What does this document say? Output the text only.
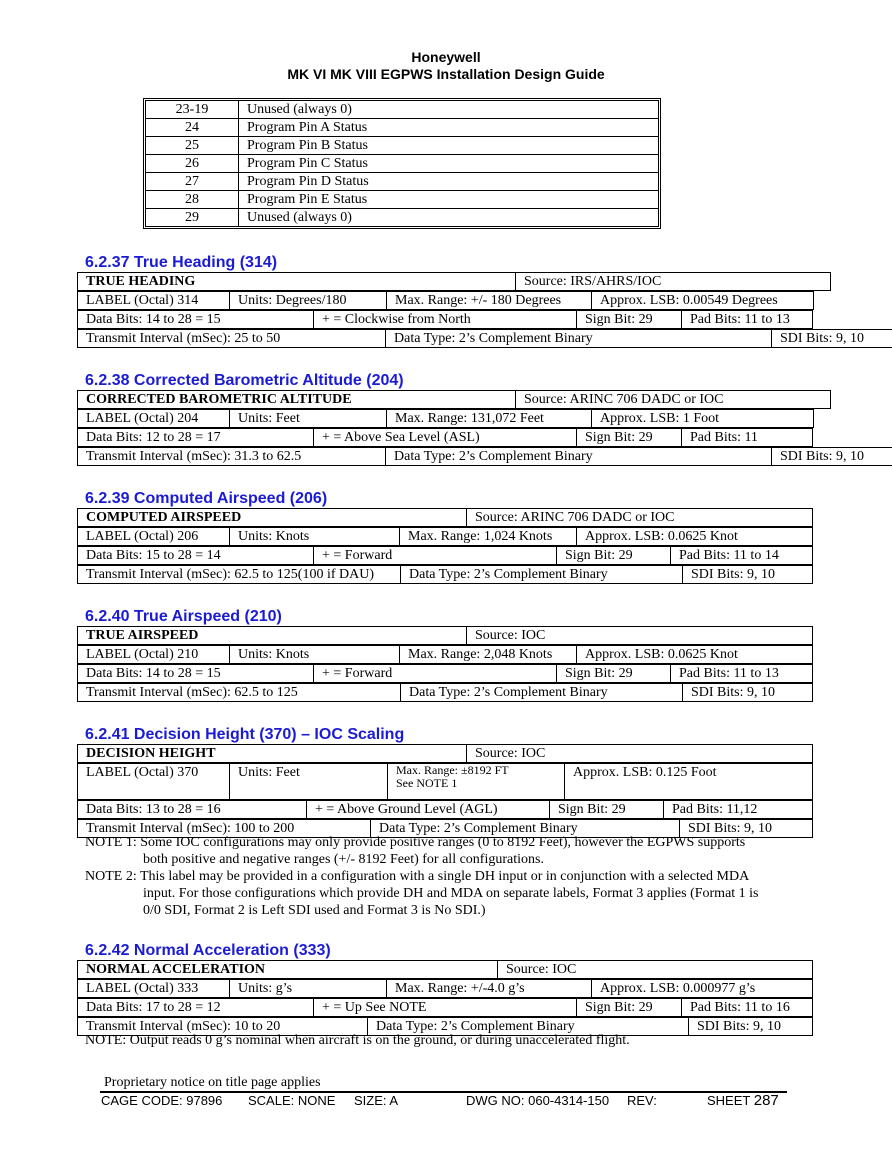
Honeywell
MK VI MK VIII EGPWS Installation Design Guide
23-19	Unused (always 0)
24	Program Pin A Status
25	Program Pin B Status
26	Program Pin C Status
27	Program Pin D Status
28	Program Pin E Status
29	Unused (always 0)
6.2.37 True Heading (314)
TRUE HEADING	Source: IRS/AHRS/IOC
LABEL (Octal) 314	Units: Degrees/180	Max. Range: +/- 180 Degrees	Approx. LSB: 0.00549 Degrees
Data Bits: 14 to 28 = 15	+ = Clockwise from North	Sign Bit: 29	Pad Bits: 11 to 13
Transmit Interval (mSec): 25 to 50	Data Type: 2’s Complement Binary	SDI Bits: 9, 10
6.2.38 Corrected Barometric Altitude (204)
CORRECTED BAROMETRIC ALTITUDE	Source: ARINC 706 DADC or IOC
LABEL (Octal) 204	Units: Feet	Max. Range: 131,072 Feet	Approx. LSB: 1 Foot
Data Bits: 12 to 28 = 17	+ = Above Sea Level (ASL)	Sign Bit: 29	Pad Bits: 11
Transmit Interval (mSec): 31.3 to 62.5	Data Type: 2’s Complement Binary	SDI Bits: 9, 10
6.2.39 Computed Airspeed (206)
COMPUTED AIRSPEED	Source: ARINC 706 DADC or IOC
LABEL (Octal) 206	Units: Knots	Max. Range: 1,024 Knots	Approx. LSB: 0.0625 Knot
Data Bits: 15 to 28 = 14	+ = Forward	Sign Bit: 29	Pad Bits: 11 to 14
Transmit Interval (mSec): 62.5 to 125(100 if DAU)	Data Type: 2’s Complement Binary	SDI Bits: 9, 10
6.2.40 True Airspeed (210)
TRUE AIRSPEED	Source: IOC
LABEL (Octal) 210	Units: Knots	Max. Range: 2,048 Knots	Approx. LSB: 0.0625 Knot
Data Bits: 14 to 28 = 15	+ = Forward	Sign Bit: 29	Pad Bits: 11 to 13
Transmit Interval (mSec): 62.5 to 125	Data Type: 2’s Complement Binary	SDI Bits: 9, 10
6.2.41 Decision Height (370) – IOC Scaling
DECISION HEIGHT	Source: IOC
LABEL (Octal) 370	Units: Feet	Max. Range: ±8192 FT
See NOTE 1
	Approx. LSB: 0.125 Foot
Data Bits: 13 to 28 = 16	+ = Above Ground Level (AGL)	Sign Bit: 29	Pad Bits: 11,12
Transmit Interval (mSec): 100 to 200	Data Type: 2’s Complement Binary	SDI Bits: 9, 10
NOTE 1: Some IOC configurations may only provide positive ranges (0 to 8192 Feet), however the EGPWS supports
both positive and negative ranges (+/- 8192 Feet) for all configurations.
NOTE 2: This label may be provided in a configuration with a single DH input or in conjunction with a selected MDA
input. For those configurations which provide DH and MDA on separate labels, Format 3 applies (Format 1 is
0/0 SDI, Format 2 is Left SDI used and Format 3 is No SDI.)
6.2.42 Normal Acceleration (333)
NORMAL ACCELERATION	Source: IOC
LABEL (Octal) 333	Units: g’s	Max. Range: +/-4.0 g’s	Approx. LSB: 0.000977 g’s
Data Bits: 17 to 28 = 12	+ = Up See NOTE	Sign Bit: 29	Pad Bits: 11 to 16
Transmit Interval (mSec): 10 to 20	Data Type: 2’s Complement Binary	SDI Bits: 9, 10
NOTE: Output reads 0 g’s nominal when aircraft is on the ground, or during unaccelerated flight.
Proprietary notice on title page applies
CAGE CODE: 97896 SCALE: NONE SIZE: A	DWG NO: 060-4314-150 REV:	SHEET 287
